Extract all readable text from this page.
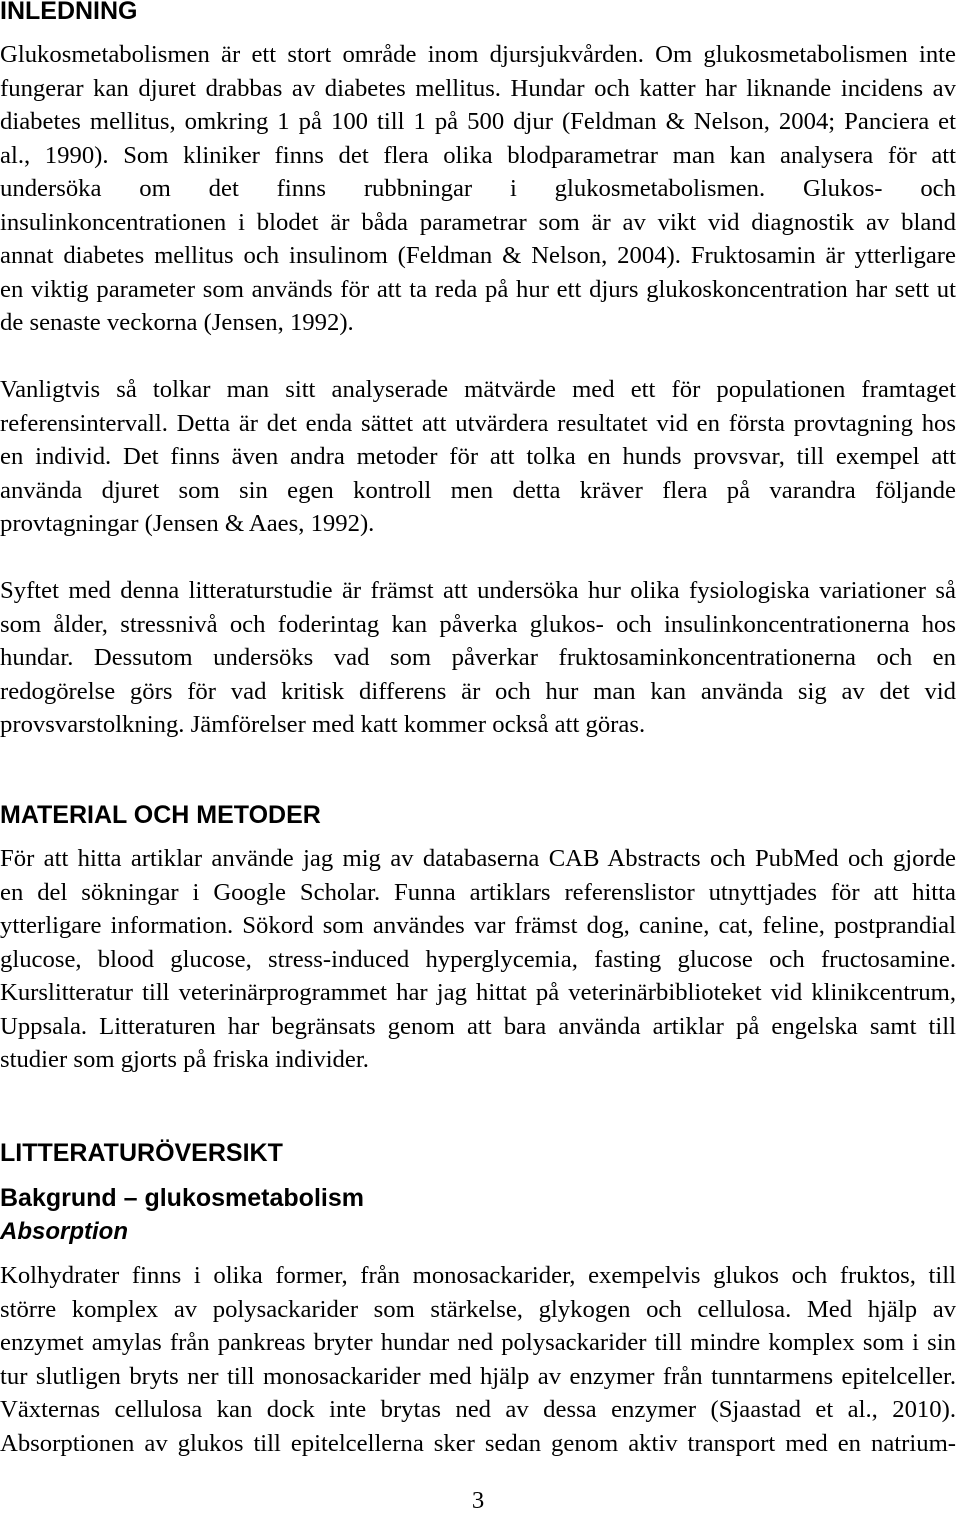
INLEDNING
Glukosmetabolismen är ett stort område inom djursjukvården. Om glukosmetabolismen inte
fungerar kan djuret drabbas av diabetes mellitus. Hundar och katter har liknande incidens av
diabetes mellitus, omkring 1 på 100 till 1 på 500 djur (Feldman & Nelson, 2004; Panciera et
al., 1990). Som kliniker finns det flera olika blodparametrar man kan analysera för att
undersöka om det finns rubbningar i glukosmetabolismen. Glukos- och
insulinkoncentrationen i blodet är båda parametrar som är av vikt vid diagnostik av bland
annat diabetes mellitus och insulinom (Feldman & Nelson, 2004). Fruktosamin är ytterligare
en viktig parameter som används för att ta reda på hur ett djurs glukoskoncentration har sett ut
de senaste veckorna (Jensen, 1992).
Vanligtvis så tolkar man sitt analyserade mätvärde med ett för populationen framtaget
referensintervall. Detta är det enda sättet att utvärdera resultatet vid en första provtagning hos
en individ. Det finns även andra metoder för att tolka en hunds provsvar, till exempel att
använda djuret som sin egen kontroll men detta kräver flera på varandra följande
provtagningar (Jensen & Aaes, 1992).
Syftet med denna litteraturstudie är främst att undersöka hur olika fysiologiska variationer så
som ålder, stressnivå och foderintag kan påverka glukos- och insulinkoncentrationerna hos
hundar. Dessutom undersöks vad som påverkar fruktosaminkoncentrationerna och en
redogörelse görs för vad kritisk differens är och hur man kan använda sig av det vid
provsvarstolkning. Jämförelser med katt kommer också att göras.
MATERIAL OCH METODER
För att hitta artiklar använde jag mig av databaserna CAB Abstracts och PubMed och gjorde
en del sökningar i Google Scholar. Funna artiklars referenslistor utnyttjades för att hitta
ytterligare information. Sökord som användes var främst dog, canine, cat, feline, postprandial
glucose, blood glucose, stress-induced hyperglycemia, fasting glucose och fructosamine.
Kurslitteratur till veterinärprogrammet har jag hittat på veterinärbiblioteket vid klinikcentrum,
Uppsala. Litteraturen har begränsats genom att bara använda artiklar på engelska samt till
studier som gjorts på friska individer.
LITTERATURÖVERSIKT
Bakgrund – glukosmetabolism
Absorption
Kolhydrater finns i olika former, från monosackarider, exempelvis glukos och fruktos, till
större komplex av polysackarider som stärkelse, glykogen och cellulosa. Med hjälp av
enzymet amylas från pankreas bryter hundar ned polysackarider till mindre komplex som i sin
tur slutligen bryts ner till monosackarider med hjälp av enzymer från tunntarmens epitelceller.
Växternas cellulosa kan dock inte brytas ned av dessa enzymer (Sjaastad et al., 2010).
Absorptionen av glukos till epitelcellerna sker sedan genom aktiv transport med en natrium-
3
